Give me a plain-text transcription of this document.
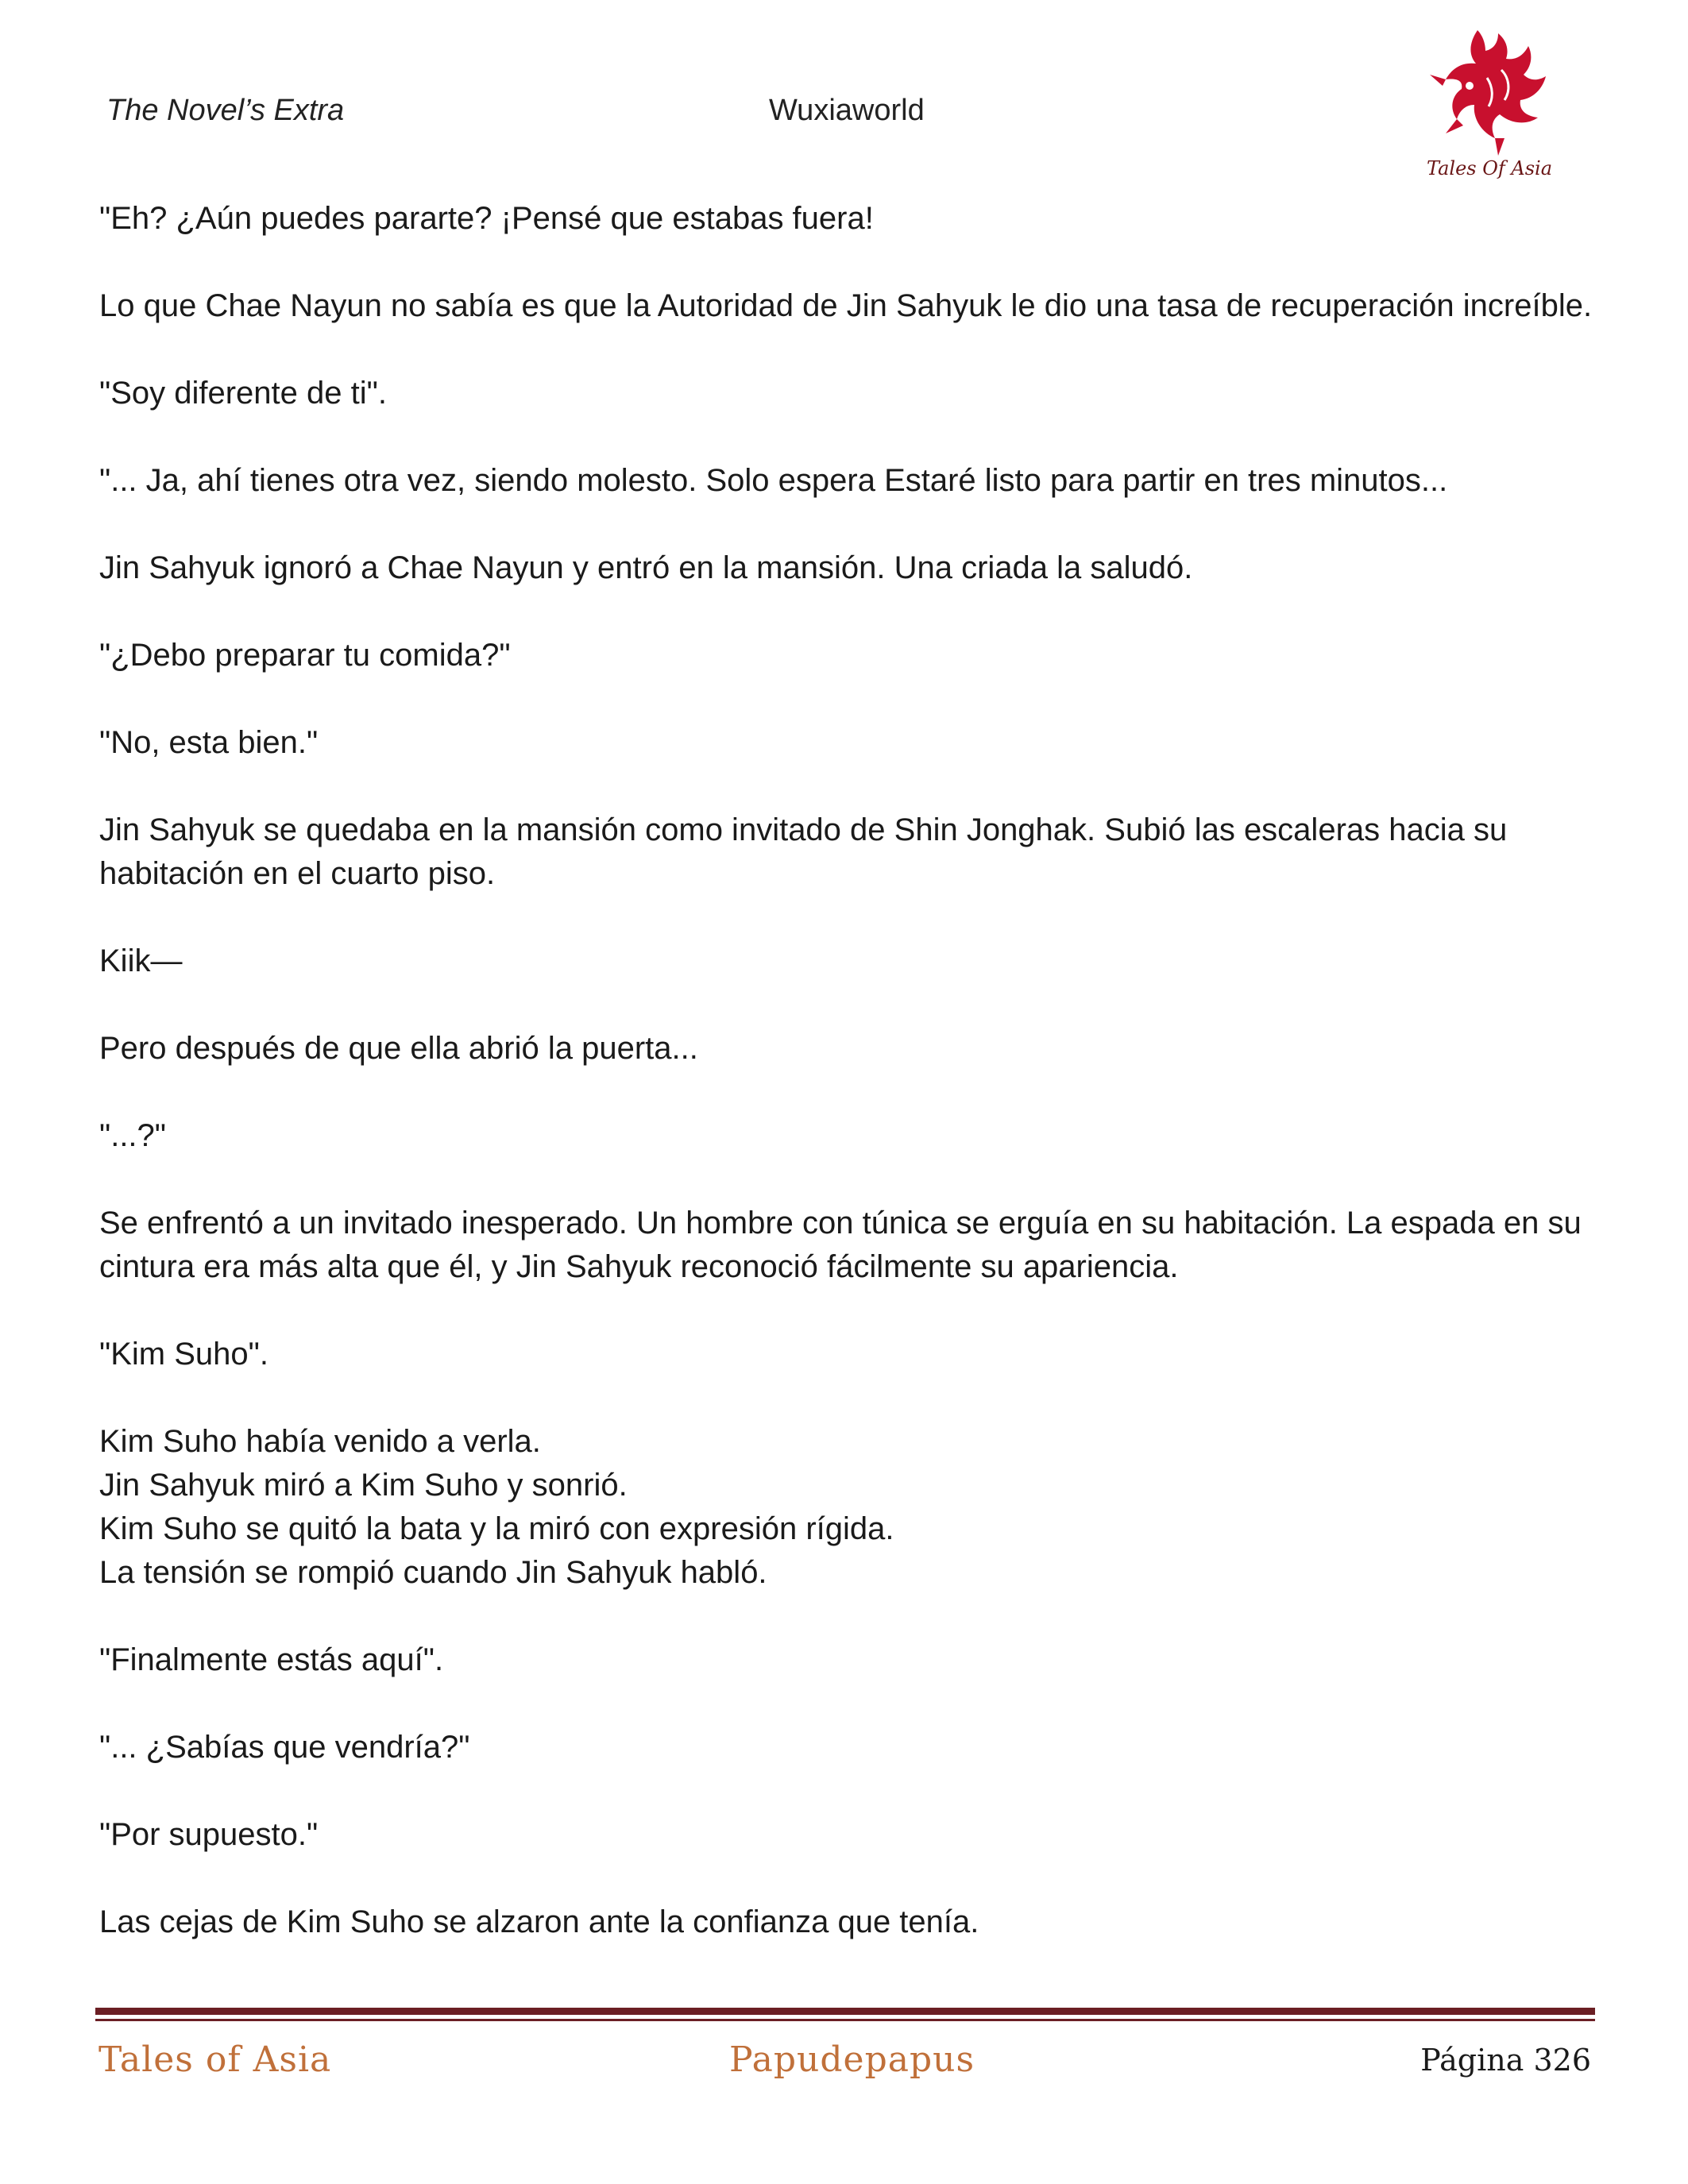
The Novel’s Extra	Wuxiaworld
Tales Of Asia

"Eh? ¿Aún puedes pararte? ¡Pensé que estabas fuera!

Lo que Chae Nayun no sabía es que la Autoridad de Jin Sahyuk le dio una tasa de recuperación increíble.

"Soy diferente de ti".

"... Ja, ahí tienes otra vez, siendo molesto. Solo espera Estaré listo para partir en tres minutos...

Jin Sahyuk ignoró a Chae Nayun y entró en la mansión. Una criada la saludó.

"¿Debo preparar tu comida?"

"No, esta bien."

Jin Sahyuk se quedaba en la mansión como invitado de Shin Jonghak. Subió las escaleras hacia su habitación en el cuarto piso.

Kiik—

Pero después de que ella abrió la puerta...

"...?"

Se enfrentó a un invitado inesperado. Un hombre con túnica se erguía en su habitación. La espada en su cintura era más alta que él, y Jin Sahyuk reconoció fácilmente su apariencia.

"Kim Suho".

Kim Suho había venido a verla.

Jin Sahyuk miró a Kim Suho y sonrió.

Kim Suho se quitó la bata y la miró con expresión rígida.

La tensión se rompió cuando Jin Sahyuk habló.

"Finalmente estás aquí".

"... ¿Sabías que vendría?"

"Por supuesto."

Las cejas de Kim Suho se alzaron ante la confianza que tenía.

Tales of Asia	Papudepapus	Página 326
